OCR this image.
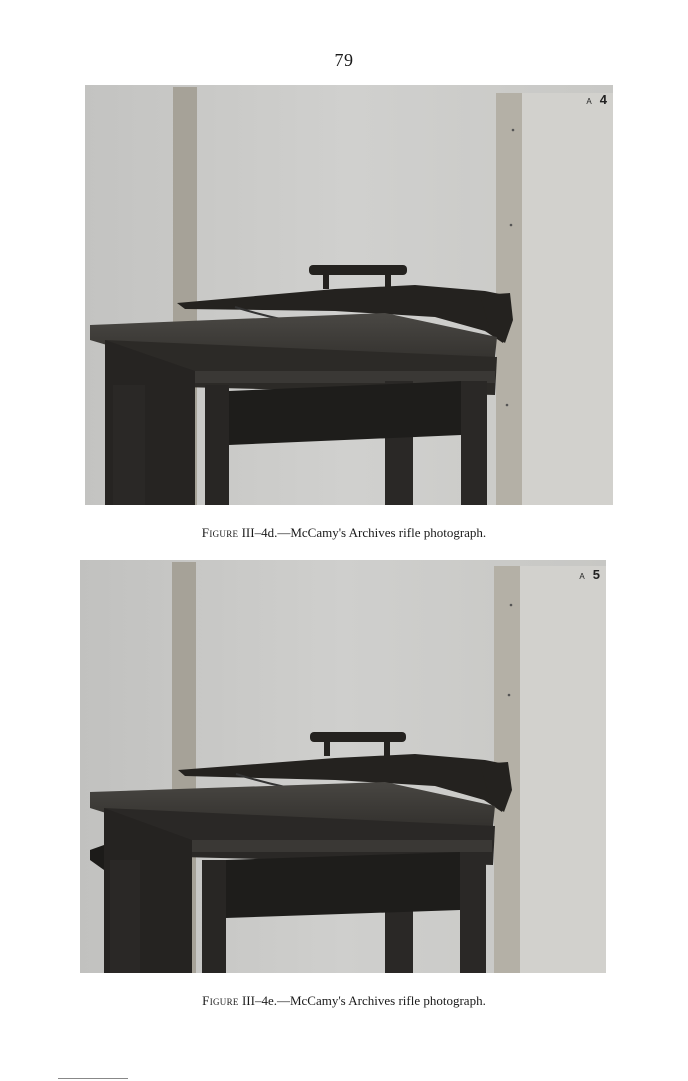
79
A 4
Figure III–4d.—McCamy's Archives rifle photograph.
A 5
Figure III–4e.—McCamy's Archives rifle photograph.
